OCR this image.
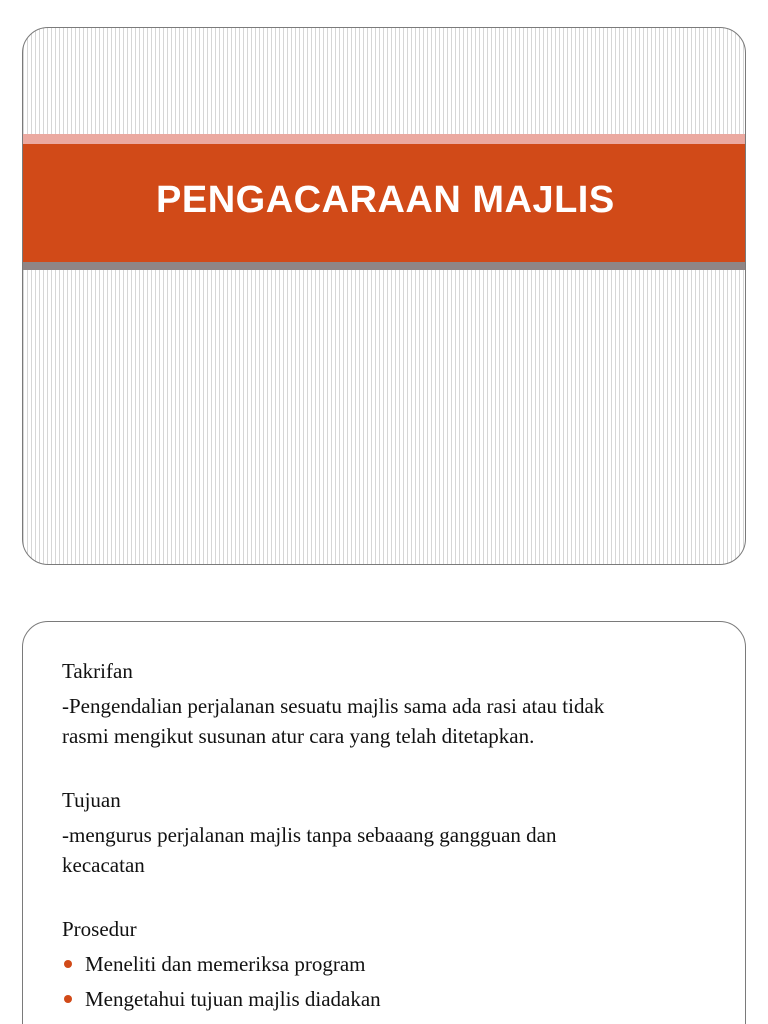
PENGACARAAN MAJLIS

Takrifan

-Pengendalian perjalanan sesuatu majlis sama ada rasi atau tidak

rasmi mengikut susunan atur cara yang telah ditetapkan.

Tujuan

-mengurus perjalanan majlis tanpa sebaaang gangguan dan

kecacatan

Prosedur

Meneliti dan memeriksa program
Mengetahui tujuan majlis diadakan
